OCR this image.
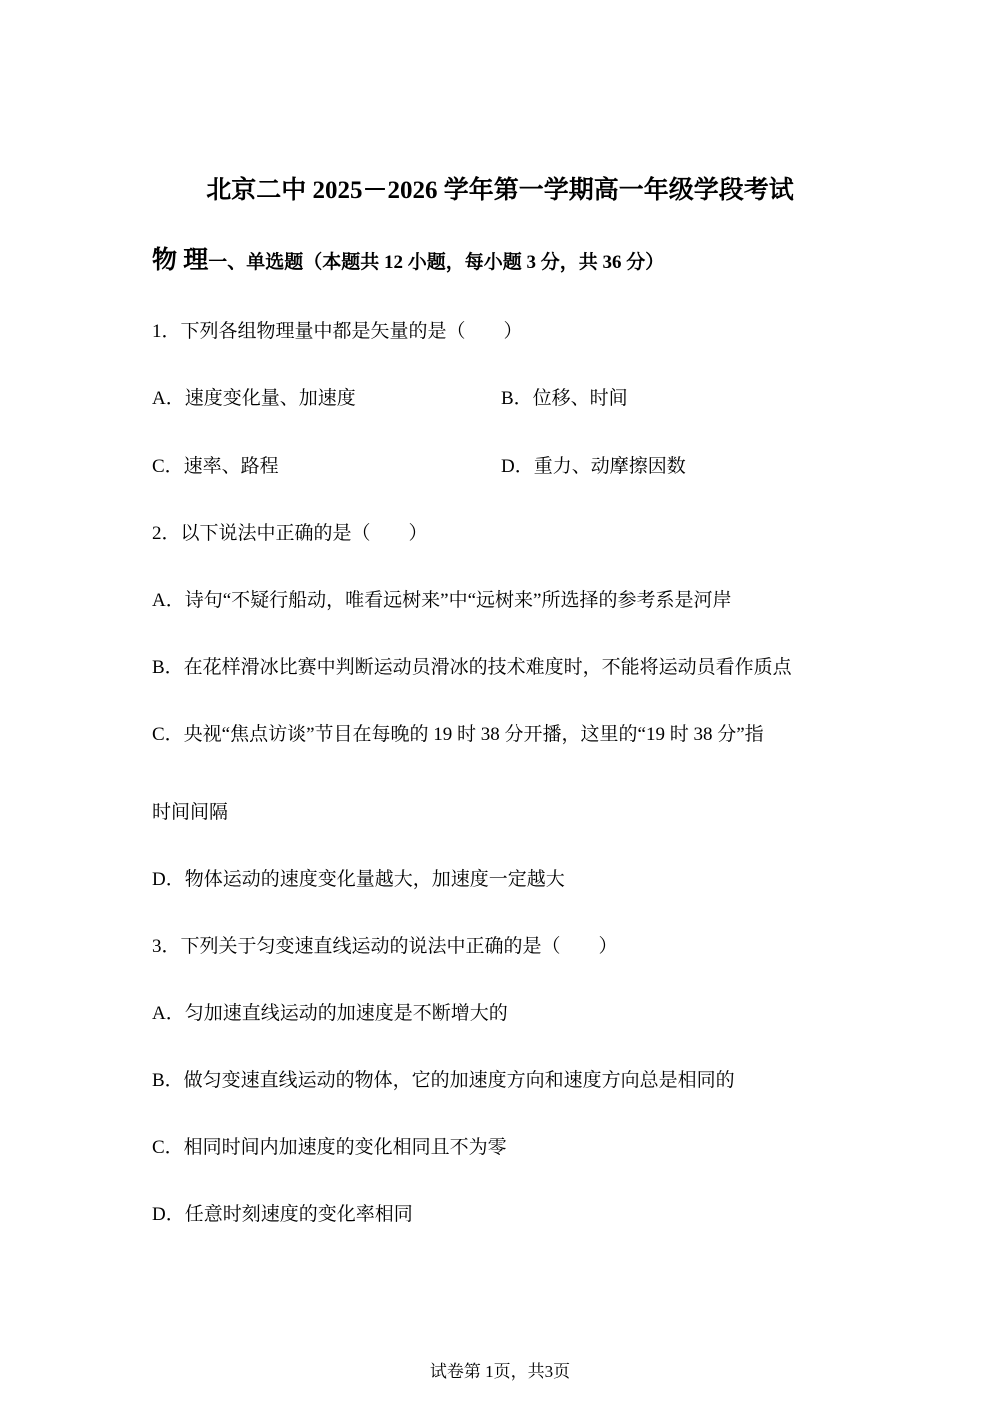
北京二中 2025－2026 学年第一学期高一年级学段考试
物 理一、单选题（本题共 12 小题，每小题 3 分，共 36 分）
1．下列各组物理量中都是矢量的是（　　）
A．速度变化量、加速度	B．位移、时间
C．速率、路程	D．重力、动摩擦因数
2．以下说法中正确的是（　　）
A．诗句“不疑行船动，唯看远树来”中“远树来”所选择的参考系是河岸
B．在花样滑冰比赛中判断运动员滑冰的技术难度时，不能将运动员看作质点
C．央视“焦点访谈”节目在每晚的 19 时 38 分开播，这里的“19 时 38 分”指
时间间隔
D．物体运动的速度变化量越大，加速度一定越大
3．下列关于匀变速直线运动的说法中正确的是（　　）
A．匀加速直线运动的加速度是不断增大的
B．做匀变速直线运动的物体，它的加速度方向和速度方向总是相同的
C．相同时间内加速度的变化相同且不为零
D．任意时刻速度的变化率相同
试卷第 1页，共3页
